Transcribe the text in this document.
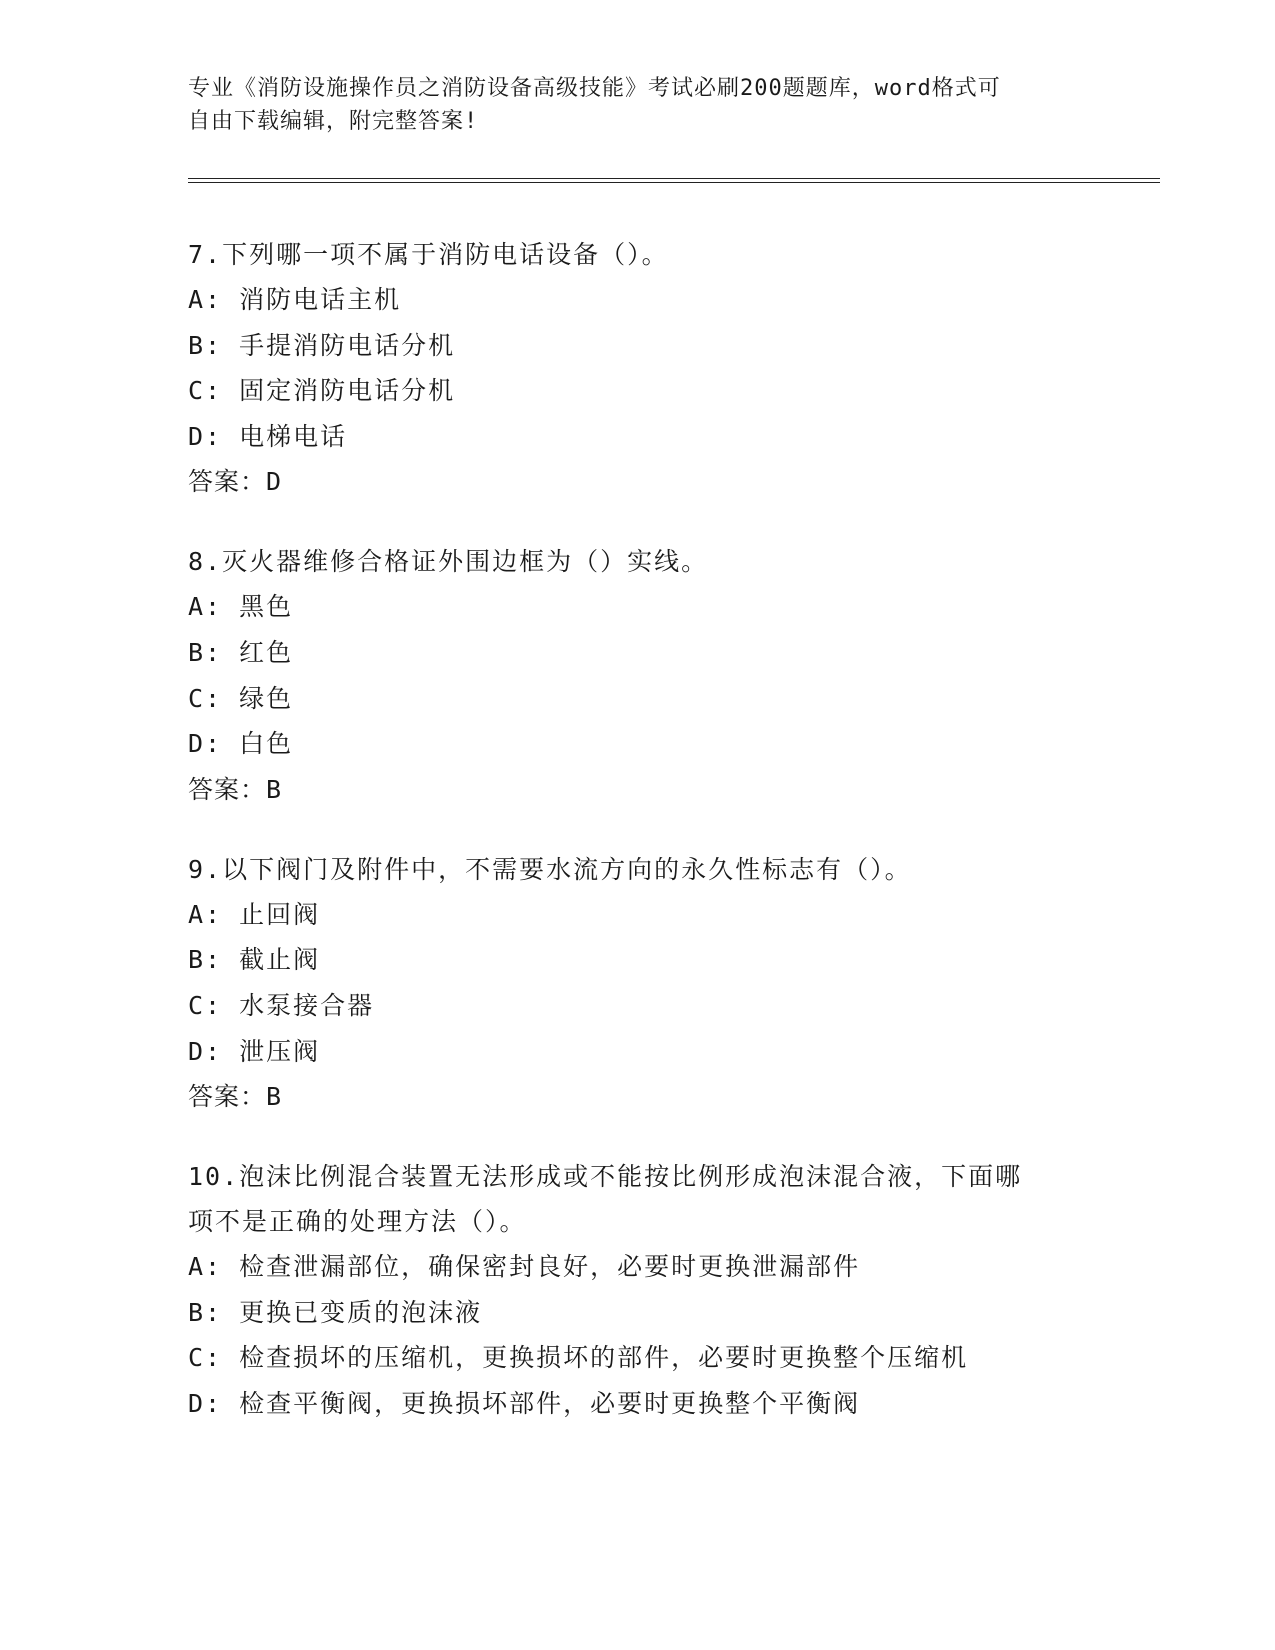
专业《消防设施操作员之消防设备高级技能》考试必刷200题题库，word格式可
自由下载编辑，附完整答案!
7.下列哪一项不属于消防电话设备（）。
A: 消防电话主机
B: 手提消防电话分机
C: 固定消防电话分机
D: 电梯电话
答案：D
8.灭火器维修合格证外围边框为（）实线。
A: 黑色
B: 红色
C: 绿色
D: 白色
答案：B
9.以下阀门及附件中，不需要水流方向的永久性标志有（）。
A: 止回阀
B: 截止阀
C: 水泵接合器
D: 泄压阀
答案：B
10.泡沫比例混合装置无法形成或不能按比例形成泡沫混合液，下面哪
项不是正确的处理方法（）。
A: 检查泄漏部位，确保密封良好，必要时更换泄漏部件
B: 更换已变质的泡沫液
C: 检查损坏的压缩机，更换损坏的部件，必要时更换整个压缩机
D: 检查平衡阀，更换损坏部件，必要时更换整个平衡阀
